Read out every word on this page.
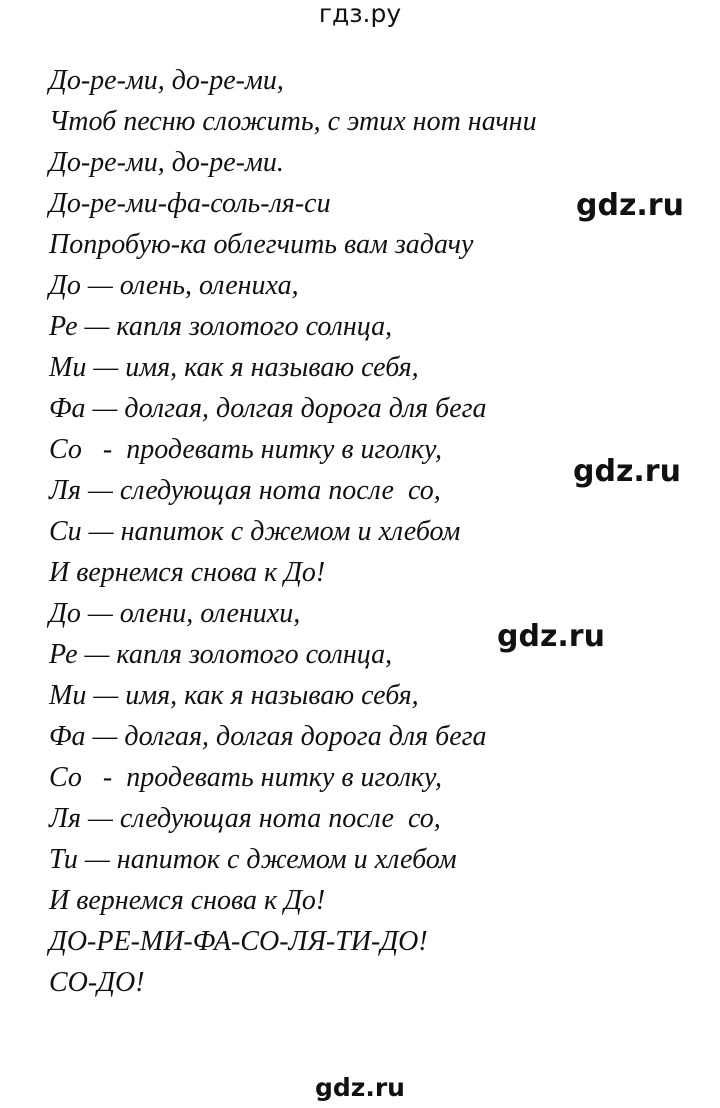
гдз.ру
До-ре-ми, до-ре-ми,
Чтоб песню сложить, с этих нот начни
До-ре-ми, до-ре-ми.
До-ре-ми-фа-соль-ля-си
Попробую-ка облегчить вам задачу
До — олень, олениха,
Ре — капля золотого солнца,
Ми — имя, как я называю себя,
Фа — долгая, долгая дорога для бега
Со   -  продевать нитку в иголку,
Ля — следующая нота после  со,
Си — напиток с джемом и хлебом
И вернемся снова к До!
До — олени, оленихи,
Ре — капля золотого солнца,
Ми — имя, как я называю себя,
Фа — долгая, долгая дорога для бега
Со   -  продевать нитку в иголку,
Ля — следующая нота после  со,
Ти — напиток с джемом и хлебом
И вернемся снова к До!
ДО-РЕ-МИ-ФА-СО-ЛЯ-ТИ-ДО!
СО-ДО!
gdz.ru
gdz.ru
gdz.ru
gdz.ru
